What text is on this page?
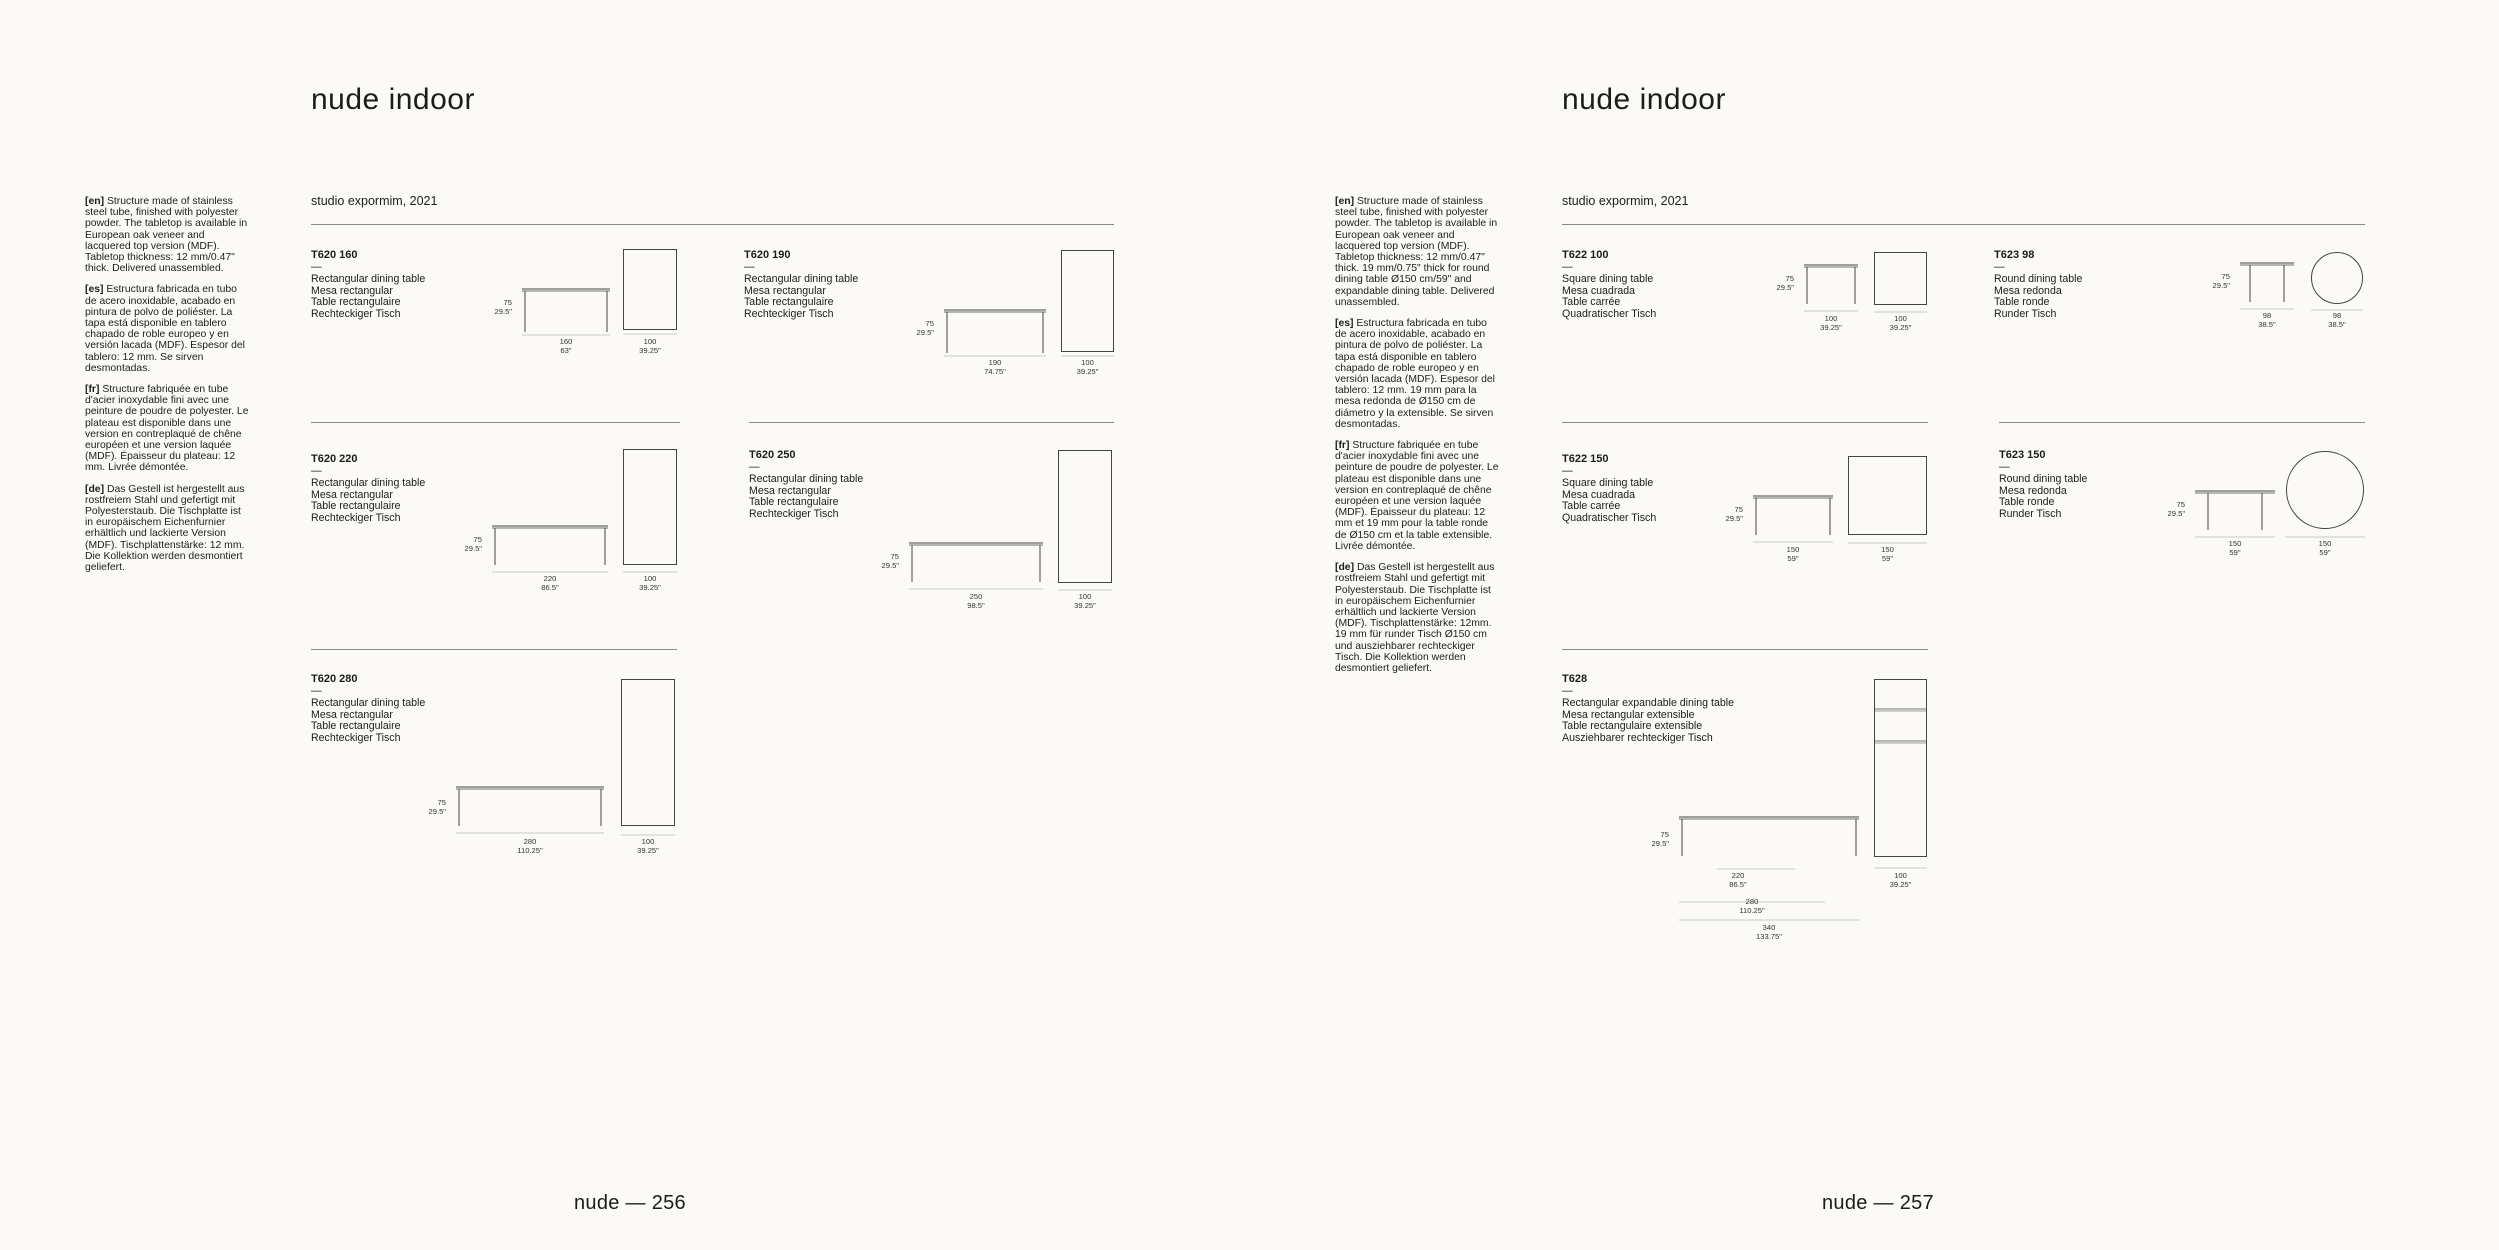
nude indoor

[en] Structure made of stainless steel tube, finished with polyester powder. The tabletop is available in European oak veneer and lacquered top version (MDF). Tabletop thickness: 12 mm/0.47" thick. Delivered unassembled.

[es] Estructura fabricada en tubo de acero inoxidable, acabado en pintura de polvo de poliéster. La tapa está disponible en tablero chapado de roble europeo y en versión lacada (MDF). Espesor del tablero: 12 mm. Se sirven desmontadas.

[fr] Structure fabriquée en tube d'acier inoxydable fini avec une peinture de poudre de polyester. Le plateau est disponible dans une version en contreplaqué de chêne européen et une version laquée (MDF). Épaisseur du plateau: 12 mm. Livrée démontée.

[de] Das Gestell ist hergestellt aus rostfreiem Stahl und gefertigt mit Polyesterstaub. Die Tischplatte ist in europäischem Eichenfurnier erhältlich und lackierte Version (MDF). Tischplattenstärke: 12 mm. Die Kollektion werden desmontiert geliefert.

studio expormim, 2021
T620 160
—
Rectangular dining table
Mesa rectangular
Table rectangulaire
Rechteckiger Tisch
75
29.5"
160
63"
100
39.25"
T620 190
—
Rectangular dining table
Mesa rectangular
Table rectangulaire
Rechteckiger Tisch
75
29.5"
190
74.75"
100
39.25"
T620 220
—
Rectangular dining table
Mesa rectangular
Table rectangulaire
Rechteckiger Tisch
75
29.5"
220
86.5"
100
39.25"
T620 250
—
Rectangular dining table
Mesa rectangular
Table rectangulaire
Rechteckiger Tisch
75
29.5"
250
98.5"
100
39.25"
T620 280
—
Rectangular dining table
Mesa rectangular
Table rectangulaire
Rechteckiger Tisch
75
29.5"
280
110.25"
100
39.25"
nude — 256
nude indoor

[en] Structure made of stainless steel tube, finished with polyester powder. The tabletop is available in European oak veneer and lacquered top version (MDF). Tabletop thickness: 12 mm/0.47" thick. 19 mm/0.75" thick for round dining table Ø150 cm/59" and expandable dining table. Delivered unassembled.

[es] Estructura fabricada en tubo de acero inoxidable, acabado en pintura de polvo de poliéster. La tapa está disponible en tablero chapado de roble europeo y en versión lacada (MDF). Espesor del tablero: 12 mm. 19 mm para la mesa redonda de Ø150 cm de diámetro y la extensible. Se sirven desmontadas.

[fr] Structure fabriquée en tube d'acier inoxydable fini avec une peinture de poudre de polyester. Le plateau est disponible dans une version en contreplaqué de chêne européen et une version laquée (MDF). Épaisseur du plateau: 12 mm et 19 mm pour la table ronde de Ø150 cm et la table extensible. Livrée démontée.

[de] Das Gestell ist hergestellt aus rostfreiem Stahl und gefertigt mit Polyesterstaub. Die Tischplatte ist in europäischem Eichenfurnier erhältlich und lackierte Version (MDF). Tischplattenstärke: 12mm. 19 mm für runder Tisch Ø150 cm und ausziehbarer rechteckiger Tisch. Die Kollektion werden desmontiert geliefert.

studio expormim, 2021
T622 100
—
Square dining table
Mesa cuadrada
Table carrée
Quadratischer Tisch
75
29.5"
100
39.25"
100
39.25"
T623 98
—
Round dining table
Mesa redonda
Table ronde
Runder Tisch
75
29.5"
98
38.5"
98
38.5"
T622 150
—
Square dining table
Mesa cuadrada
Table carrée
Quadratischer Tisch
75
29.5"
150
59"
150
59"
T623 150
—
Round dining table
Mesa redonda
Table ronde
Runder Tisch
75
29.5"
150
59"
150
59"
T628
—
Rectangular expandable dining table
Mesa rectangular extensible
Table rectangulaire extensible
Ausziehbarer rechteckiger Tisch
75
29.5"
220
86.5"
280
110.25"
340
133.75"
100
39.25"
nude — 257
